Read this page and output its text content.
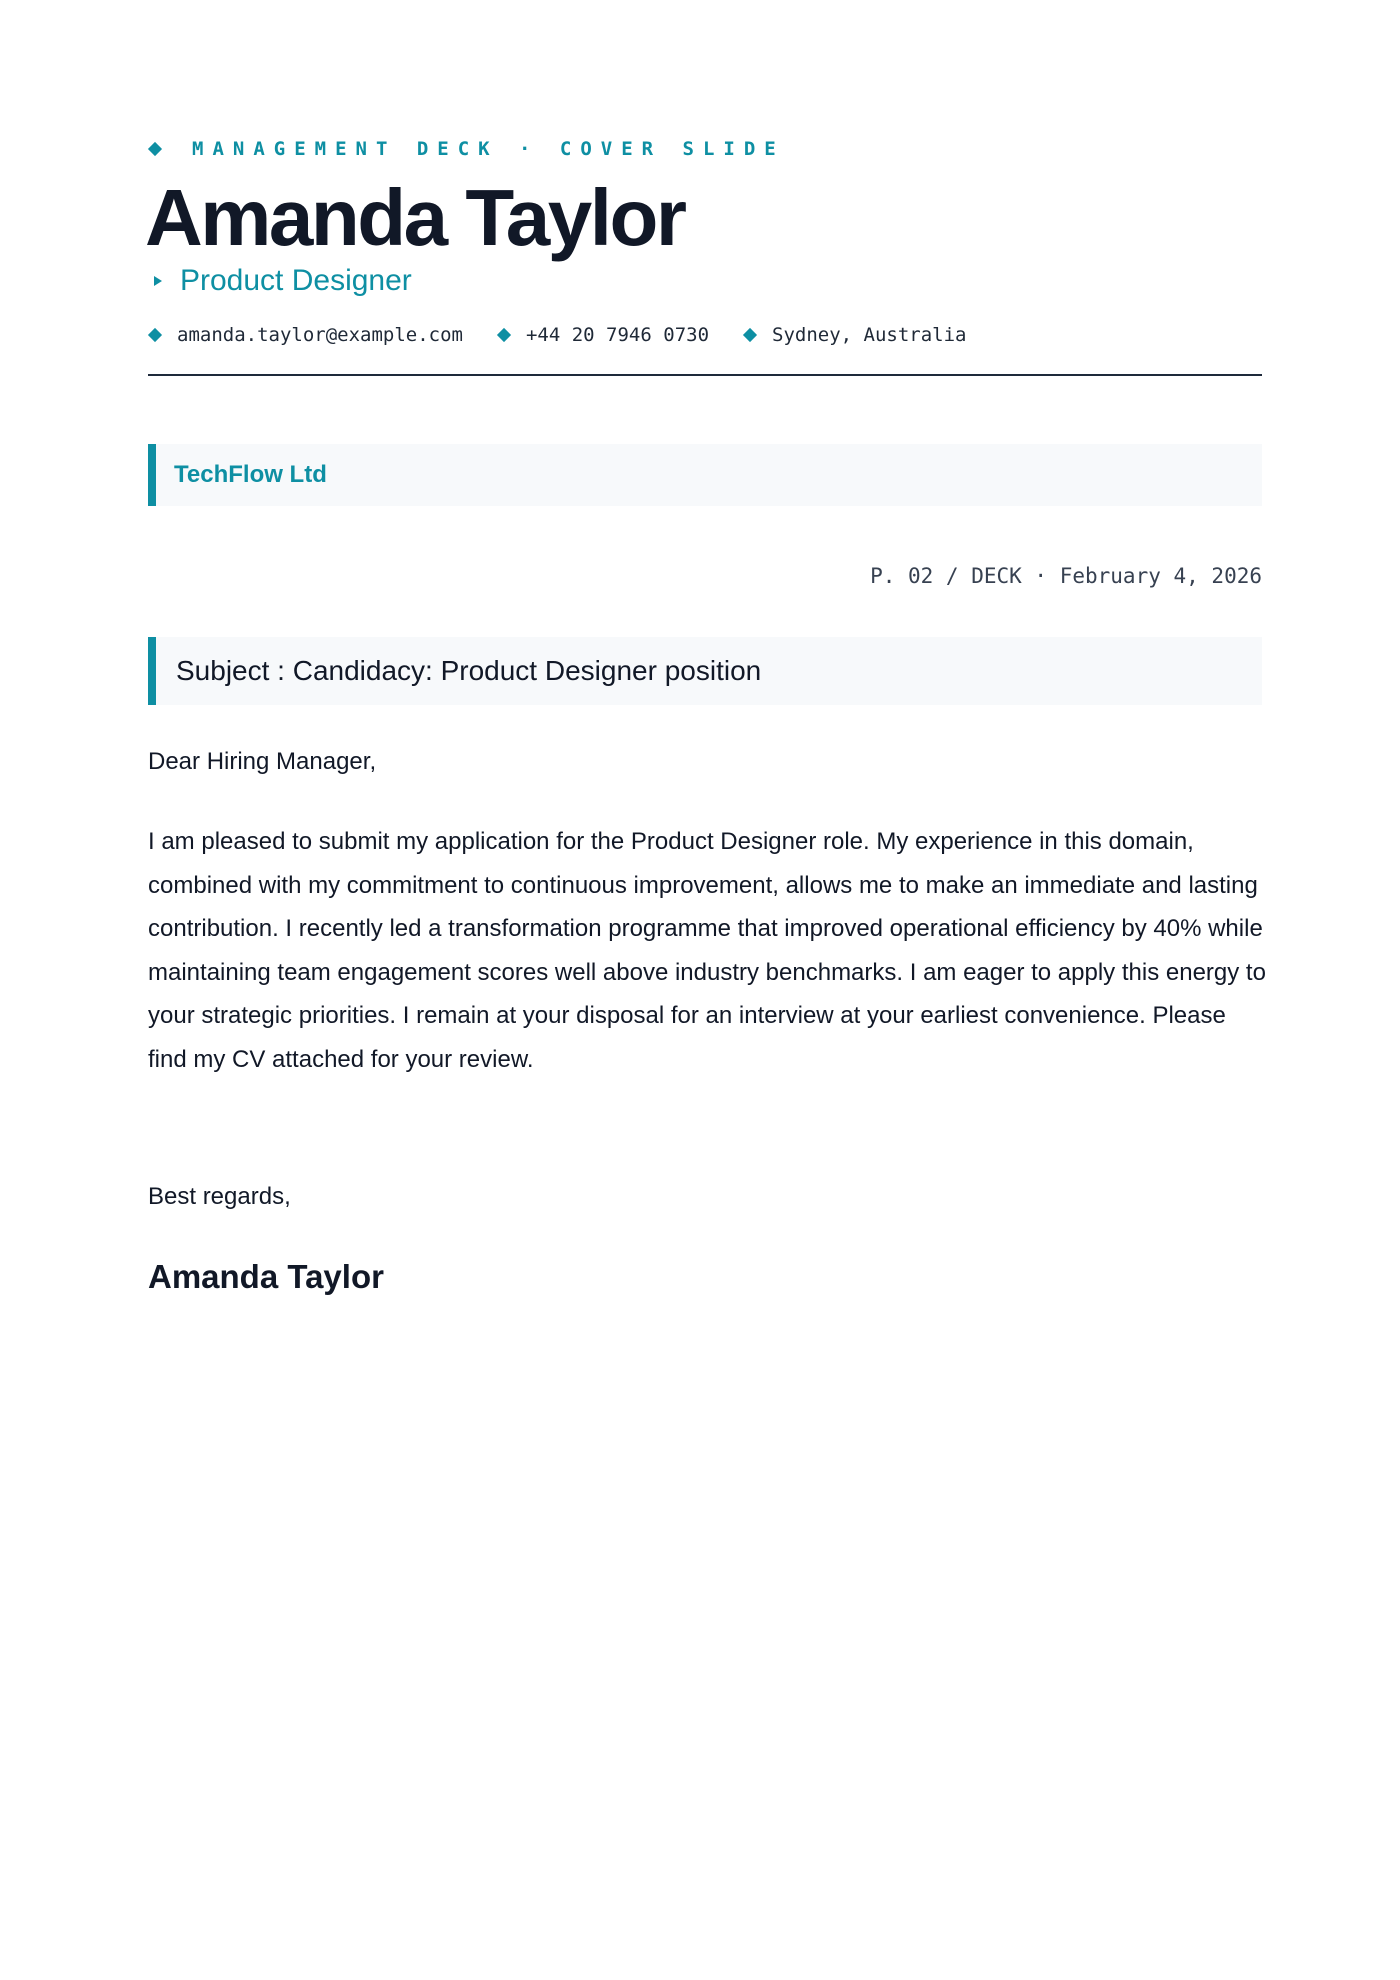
MANAGEMENT DECK · COVER SLIDE
Amanda Taylor
Product Designer
amanda.taylor@example.com	+44 20 7946 0730	Sydney, Australia
TechFlow Ltd
P. 02 / DECK · February 4, 2026
Subject : Candidacy: Product Designer position
Dear Hiring Manager,

I am pleased to submit my application for the Product Designer role. My experience in this domain, combined with my commitment to continuous improvement, allows me to make an immediate and lasting contribution. I recently led a transformation programme that improved operational efficiency by 40% while maintaining team engagement scores well above industry benchmarks. I am eager to apply this energy to your strategic priorities. I remain at your disposal for an interview at your earliest convenience. Please find my CV attached for your review.

Best regards,
Amanda Taylor
